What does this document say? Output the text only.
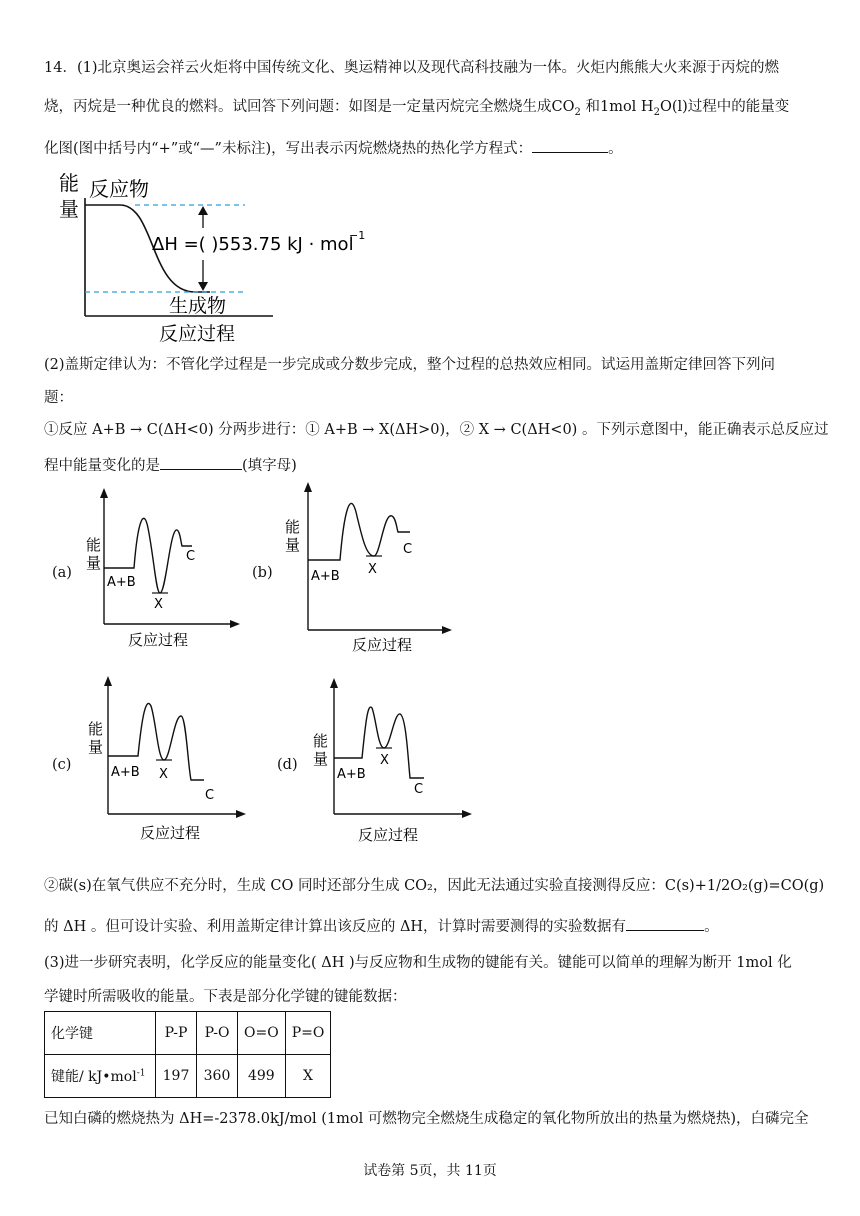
14．(1)北京奥运会祥云火炬将中国传统文化、奥运精神以及现代高科技融为一体。火炬内熊熊大火来源于丙烷的燃
烧，丙烷是一种优良的燃料。试回答下列问题：如图是一定量丙烷完全燃烧生成$CO_2$ 和1mol $H_2O(l)$过程中的能量变
化图(图中括号内“+”或“—”未标注)，写出表示丙烷燃烧热的热化学方程式：	。
能
量
反应物
ΔH =( )553.75 kJ · mol
−1
生成物
反应过程
(2)盖斯定律认为：不管化学过程是一步完成或分数步完成，整个过程的总热效应相同。试运用盖斯定律回答下列问
题：
①反应 A+B → C(ΔH<0) 分两步进行：① A+B → X(ΔH>0)，② X → C(ΔH<0) 。下列示意图中，能正确表示总反应过
程中能量变化的是	(填字母)
(a)
能
量
A+B
X
C
反应过程
(b)
能
量
A+B X
C
反应过程
(c)
能
量
A+B X
C
反应过程
(d)
能
量
A+B
X
C
反应过程
②碳(s)在氧气供应不充分时，生成 CO 同时还部分生成 CO₂，因此无法通过实验直接测得反应：C(s)+1/2O₂(g)=CO(g)
的 ΔH 。但可设计实验、利用盖斯定律计算出该反应的 ΔH，计算时需要测得的实验数据有	。
(3)进一步研究表明，化学反应的能量变化( ΔH )与反应物和生成物的键能有关。键能可以简单的理解为断开 1mol 化
学键时所需吸收的能量。下表是部分化学键的键能数据：
化学键	P-P	P-O	O=O	P=O
键能/ kJ•mol$^{-1}$	197	360	499	X
已知白磷的燃烧热为 ΔH=-2378.0kJ/mol (1mol 可燃物完全燃烧生成稳定的氧化物所放出的热量为燃烧热)，白磷完全
试卷第 5页，共 11页
